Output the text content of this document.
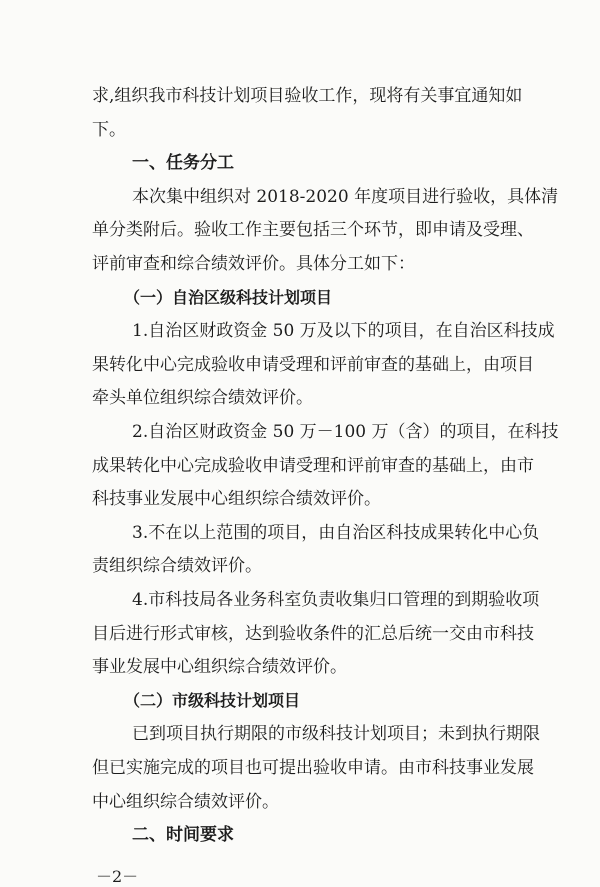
求,组织我市科技计划项目验收工作，现将有关事宜通知如
下。
一、任务分工
本次集中组织对 2018-2020 年度项目进行验收，具体清
单分类附后。验收工作主要包括三个环节，即申请及受理、
评前审查和综合绩效评价。具体分工如下：
（一）自治区级科技计划项目
1.自治区财政资金 50 万及以下的项目，在自治区科技成
果转化中心完成验收申请受理和评前审查的基础上，由项目
牵头单位组织综合绩效评价。
2.自治区财政资金 50 万－100 万（含）的项目，在科技
成果转化中心完成验收申请受理和评前审查的基础上，由市
科技事业发展中心组织综合绩效评价。
3.不在以上范围的项目，由自治区科技成果转化中心负
责组织综合绩效评价。
4.市科技局各业务科室负责收集归口管理的到期验收项
目后进行形式审核，达到验收条件的汇总后统一交由市科技
事业发展中心组织综合绩效评价。
（二）市级科技计划项目
已到项目执行期限的市级科技计划项目；未到执行期限
但已实施完成的项目也可提出验收申请。由市科技事业发展
中心组织综合绩效评价。
二、时间要求
－2－
